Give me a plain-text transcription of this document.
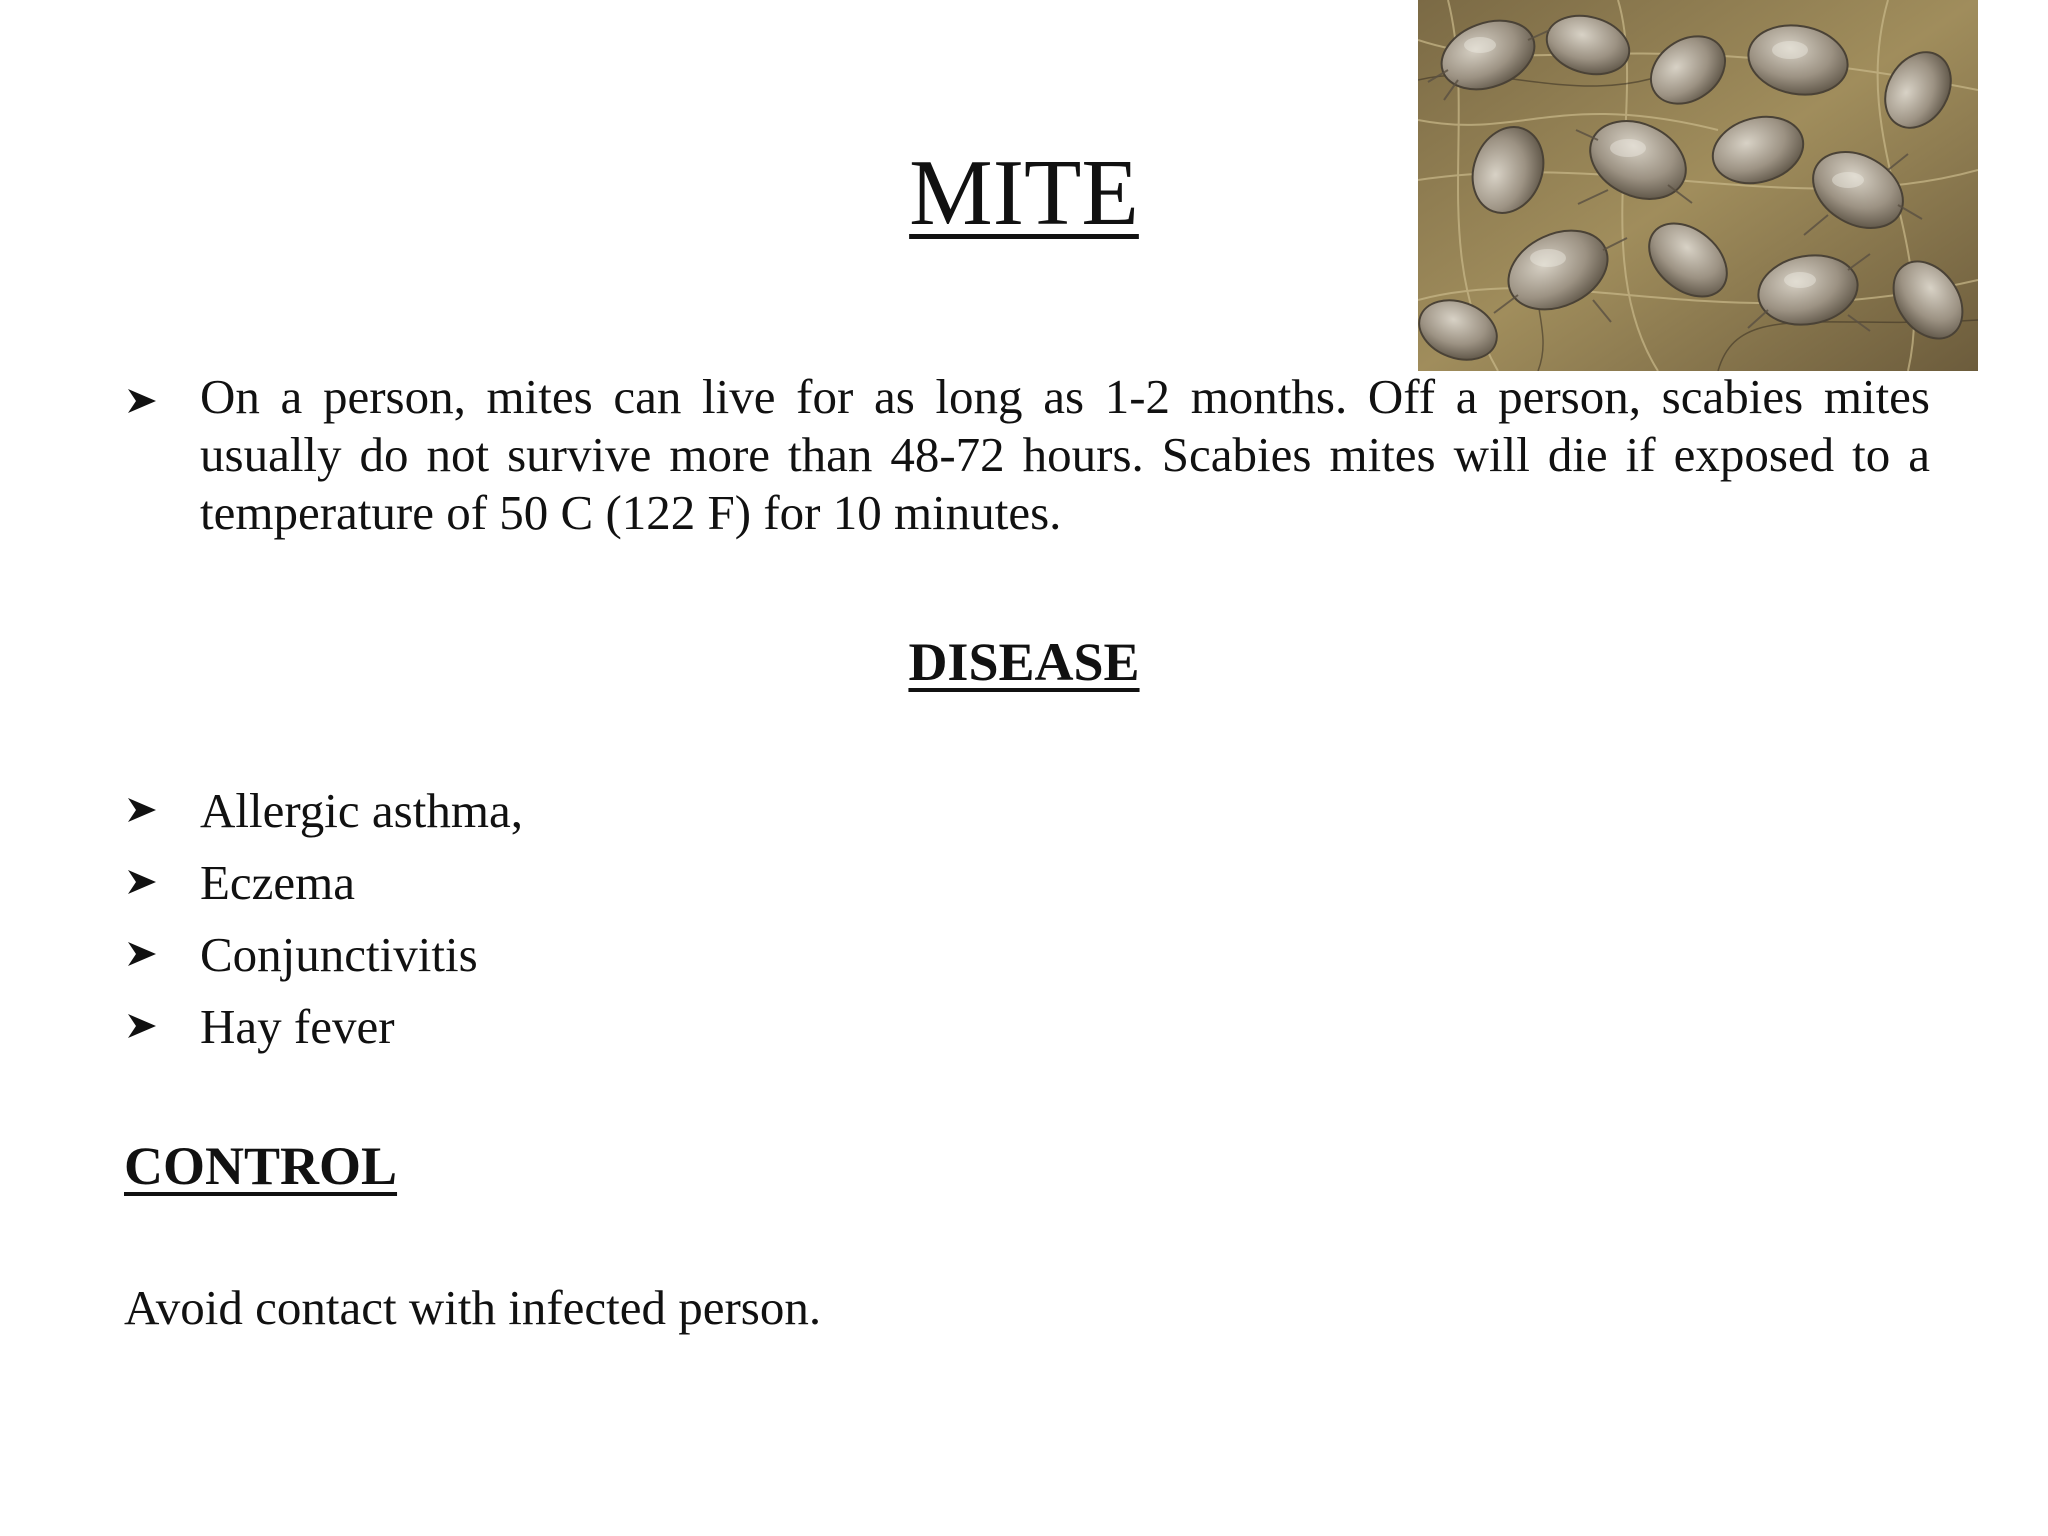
MITE
On a person, mites can live for as long as 1-2 months. Off a person, scabies mites usually do not survive more than 48-72 hours. Scabies mites will die if exposed to a temperature of 50 C (122 F) for 10 minutes.
DISEASE
Allergic asthma,
Eczema
Conjunctivitis
Hay fever
CONTROL
Avoid contact with infected person.
